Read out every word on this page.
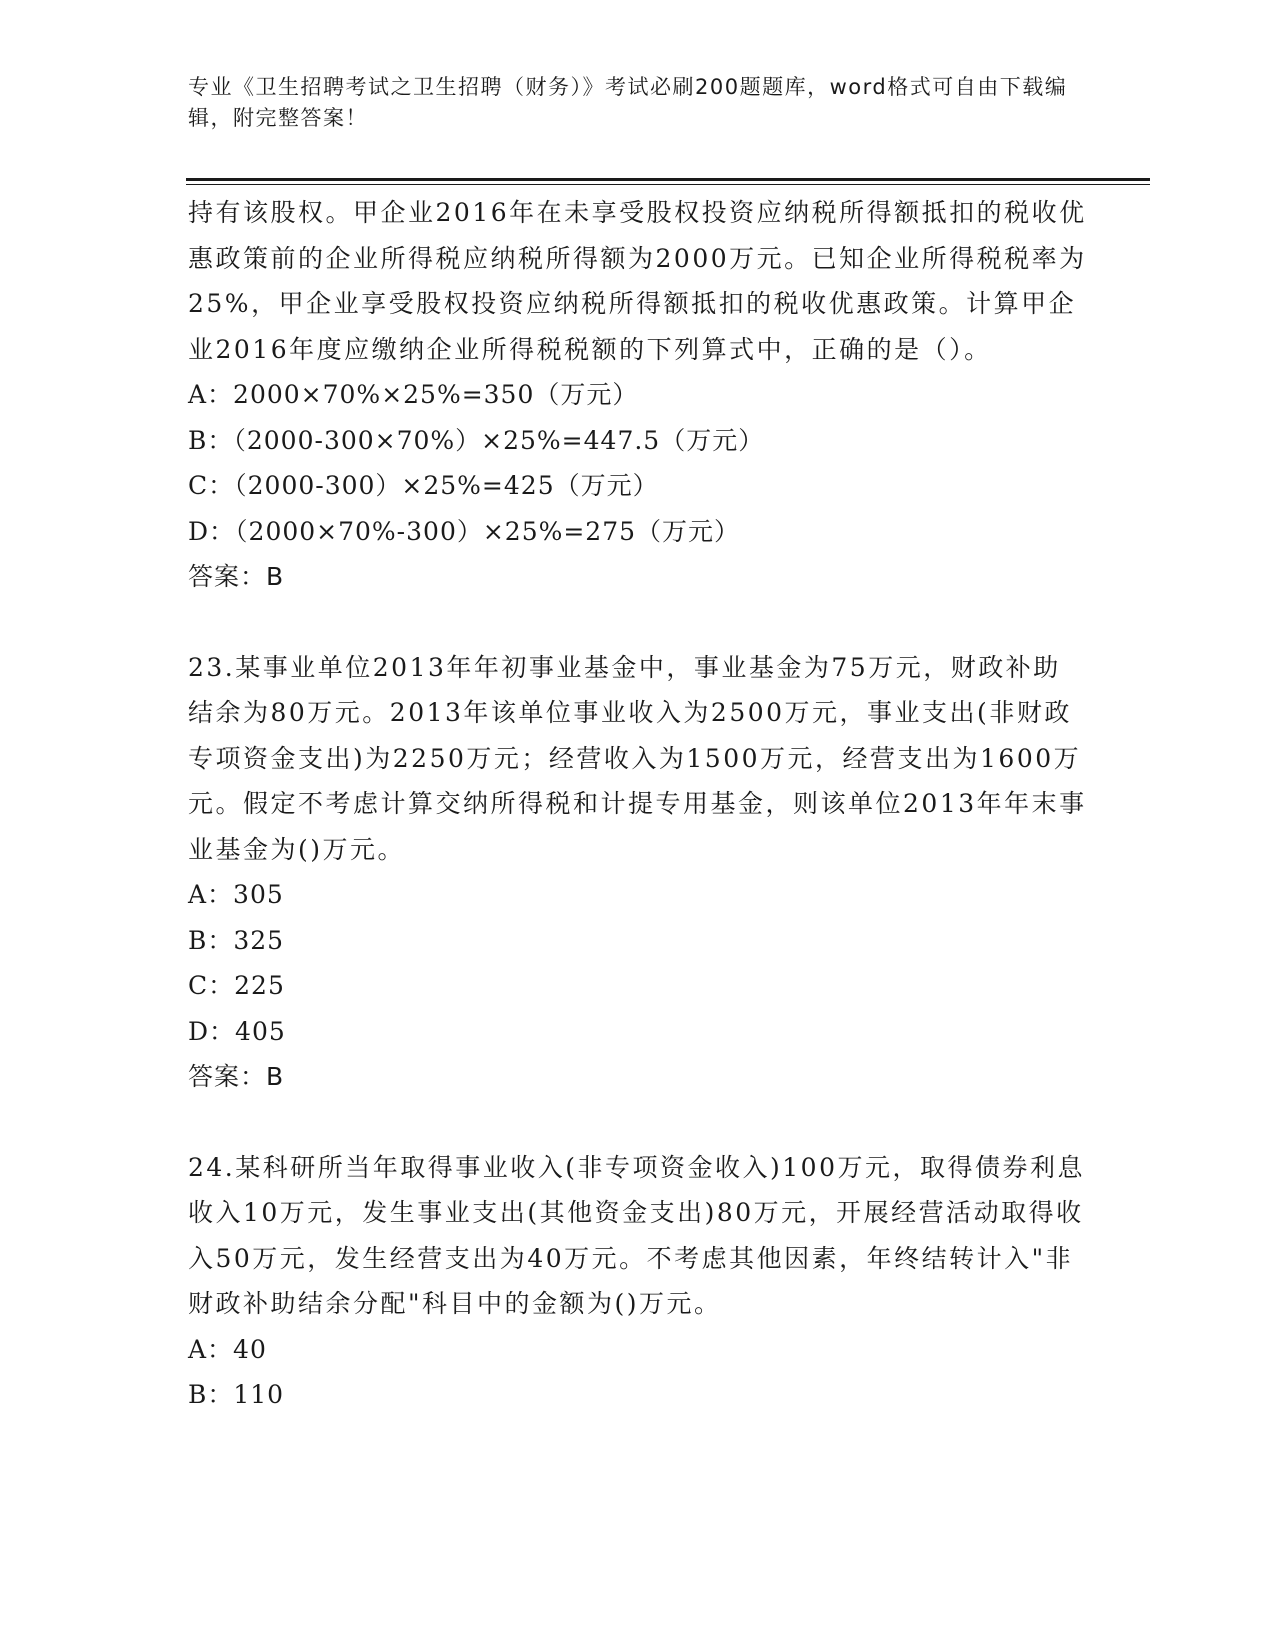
专业《卫生招聘考试之卫生招聘（财务）》考试必刷200题题库，word格式可自由下载编辑，附完整答案！

持有该股权。甲企业2016年在未享受股权投资应纳税所得额抵扣的税收优惠政策前的企业所得税应纳税所得额为2000万元。已知企业所得税税率为25%，甲企业享受股权投资应纳税所得额抵扣的税收优惠政策。计算甲企业2016年度应缴纳企业所得税税额的下列算式中，正确的是（）。

A：2000×70%×25%=350（万元）

B：（2000-300×70%）×25%=447.5（万元）

C：（2000-300）×25%=425（万元）

D：（2000×70%-300）×25%=275（万元）

答案：B

23.某事业单位2013年年初事业基金中，事业基金为75万元，财政补助结余为80万元。2013年该单位事业收入为2500万元，事业支出(非财政专项资金支出)为2250万元；经营收入为1500万元，经营支出为1600万元。假定不考虑计算交纳所得税和计提专用基金，则该单位2013年年末事业基金为()万元。

A：305

B：325

C：225

D：405

答案：B

24.某科研所当年取得事业收入(非专项资金收入)100万元，取得债券利息收入10万元，发生事业支出(其他资金支出)80万元，开展经营活动取得收入50万元，发生经营支出为40万元。不考虑其他因素，年终结转计入"非财政补助结余分配"科目中的金额为()万元。

A：40

B：110
